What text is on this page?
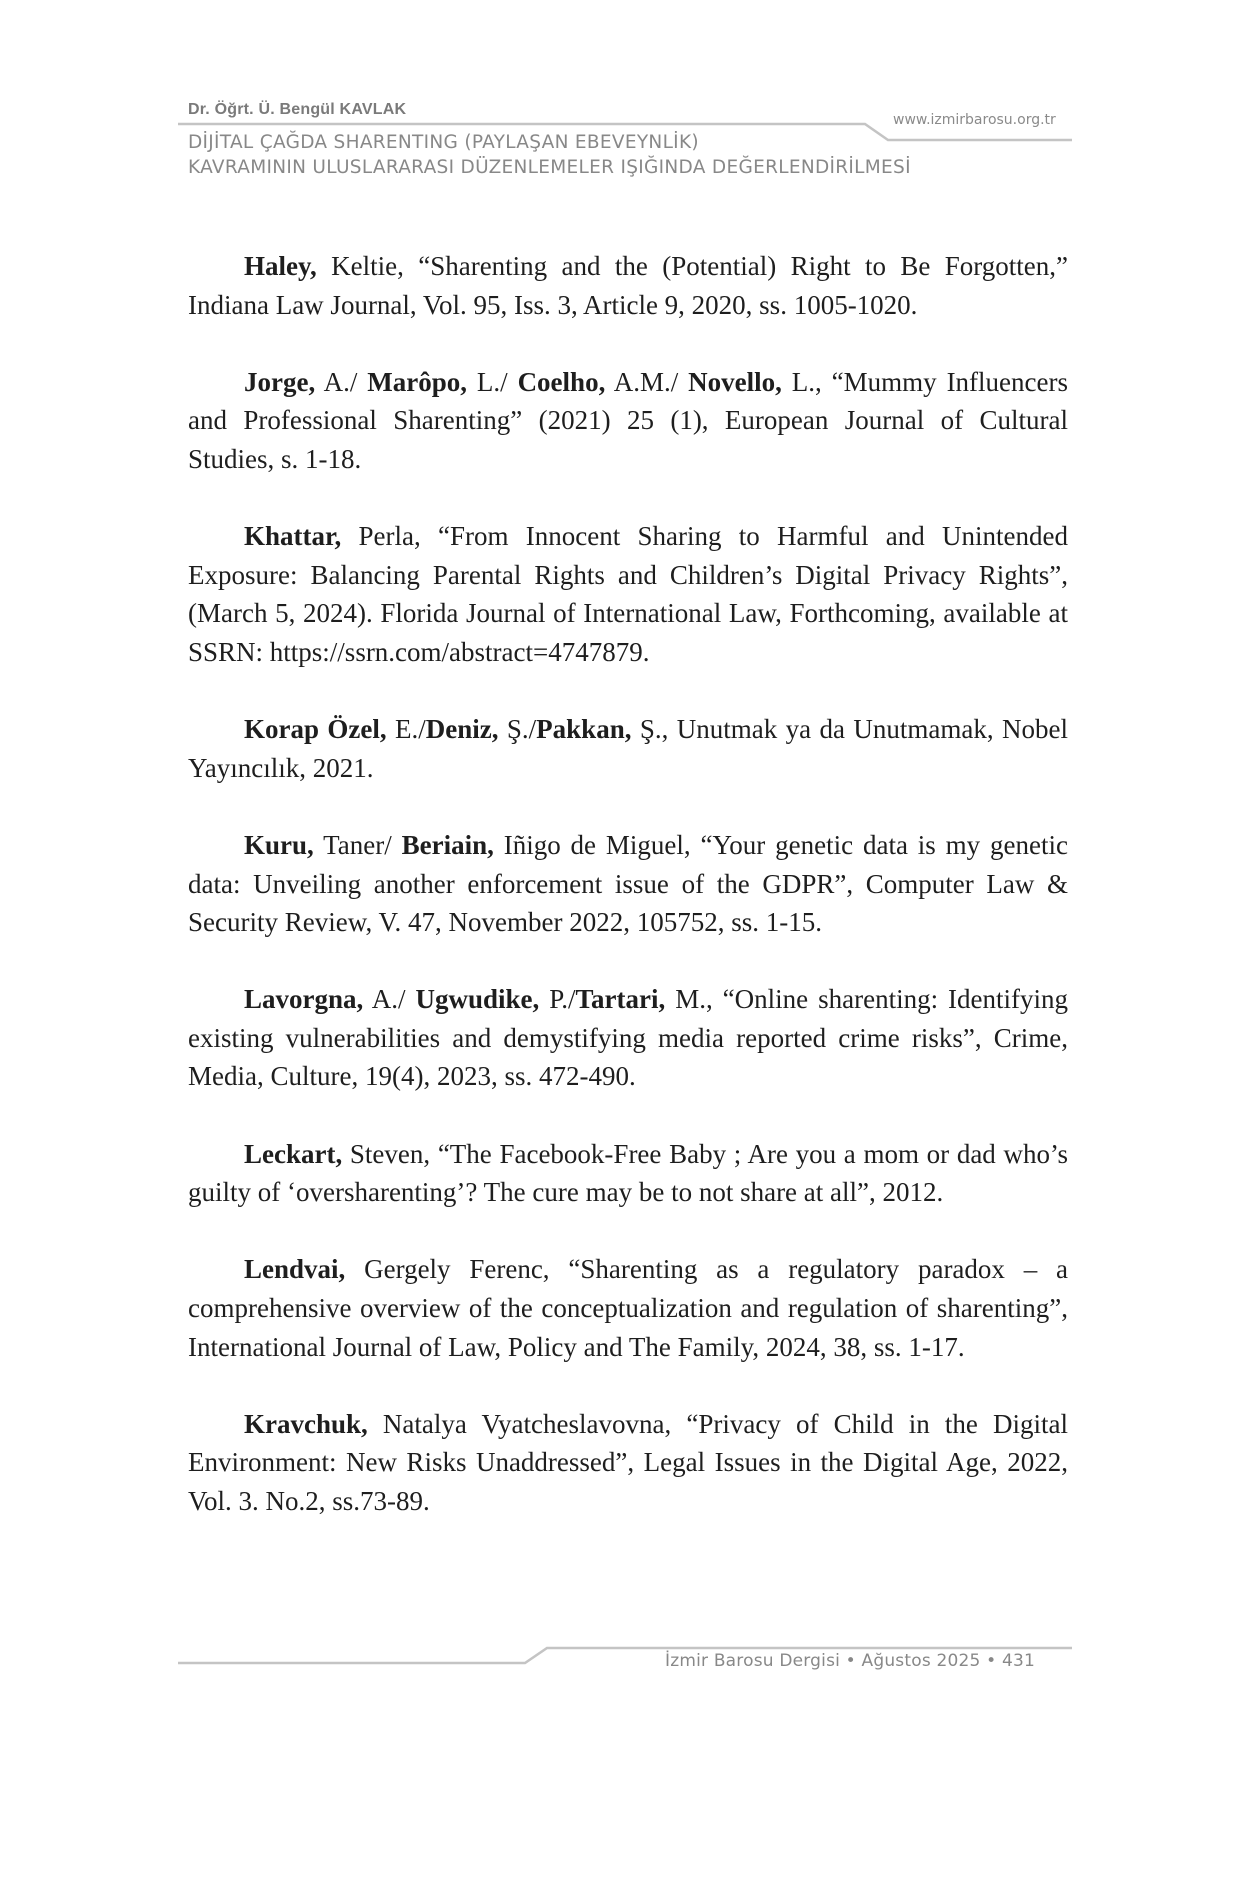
Dr. Öğrt. Ü. Bengül KAVLAK
www.izmirbarosu.org.tr
DİJİTAL ÇAĞDA SHARENTING (PAYLAŞAN EBEVEYNLİK)
KAVRAMININ ULUSLARARASI DÜZENLEMELER IŞIĞINDA DEĞERLENDİRİLMESİ

Haley, Keltie, “Sharenting and the (Potential) Right to Be Forgotten,” Indiana Law Journal, Vol. 95, Iss. 3, Article 9, 2020, ss. 1005-1020.

Jorge, A./ Marôpo, L./ Coelho, A.M./ Novello, L., “Mummy Influencers and Professional Sharenting” (2021) 25 (1), European Journal of Cultural Studies, s. 1-18.

Khattar, Perla, “From Innocent Sharing to Harmful and Unintended Exposure: Balancing Parental Rights and Children’s Digital Privacy Rights”, (March 5, 2024). Florida Journal of International Law, Forthcoming, available at SSRN: https://ssrn.com/abstract=4747879.

Korap Özel, E./Deniz, Ş./Pakkan, Ş., Unutmak ya da Unutmamak, Nobel Yayıncılık, 2021.

Kuru, Taner/ Beriain, Iñigo de Miguel, “Your genetic data is my genetic data: Unveiling another enforcement issue of the GDPR”, Computer Law & Security Review, V. 47, November 2022, 105752, ss. 1-15.

Lavorgna, A./ Ugwudike, P./Tartari, M., “Online sharenting: Identifying existing vulnerabilities and demystifying media reported crime risks”, Crime, Media, Culture, 19(4), 2023, ss. 472-490.

Leckart, Steven, “The Facebook-Free Baby ; Are you a mom or dad who’s guilty of ‘oversharenting’? The cure may be to not share at all”, 2012.

Lendvai, Gergely Ferenc, “Sharenting as a regulatory paradox – a comprehensive overview of the conceptualization and regulation of sharenting”, International Journal of Law, Policy and The Family, 2024, 38, ss. 1-17.

Kravchuk, Natalya Vyatcheslavovna, “Privacy of Child in the Digital Environment: New Risks Unaddressed”, Legal Issues in the Digital Age, 2022, Vol. 3. No.2, ss.73-89.

İzmir Barosu Dergisi • Ağustos 2025 • 431
